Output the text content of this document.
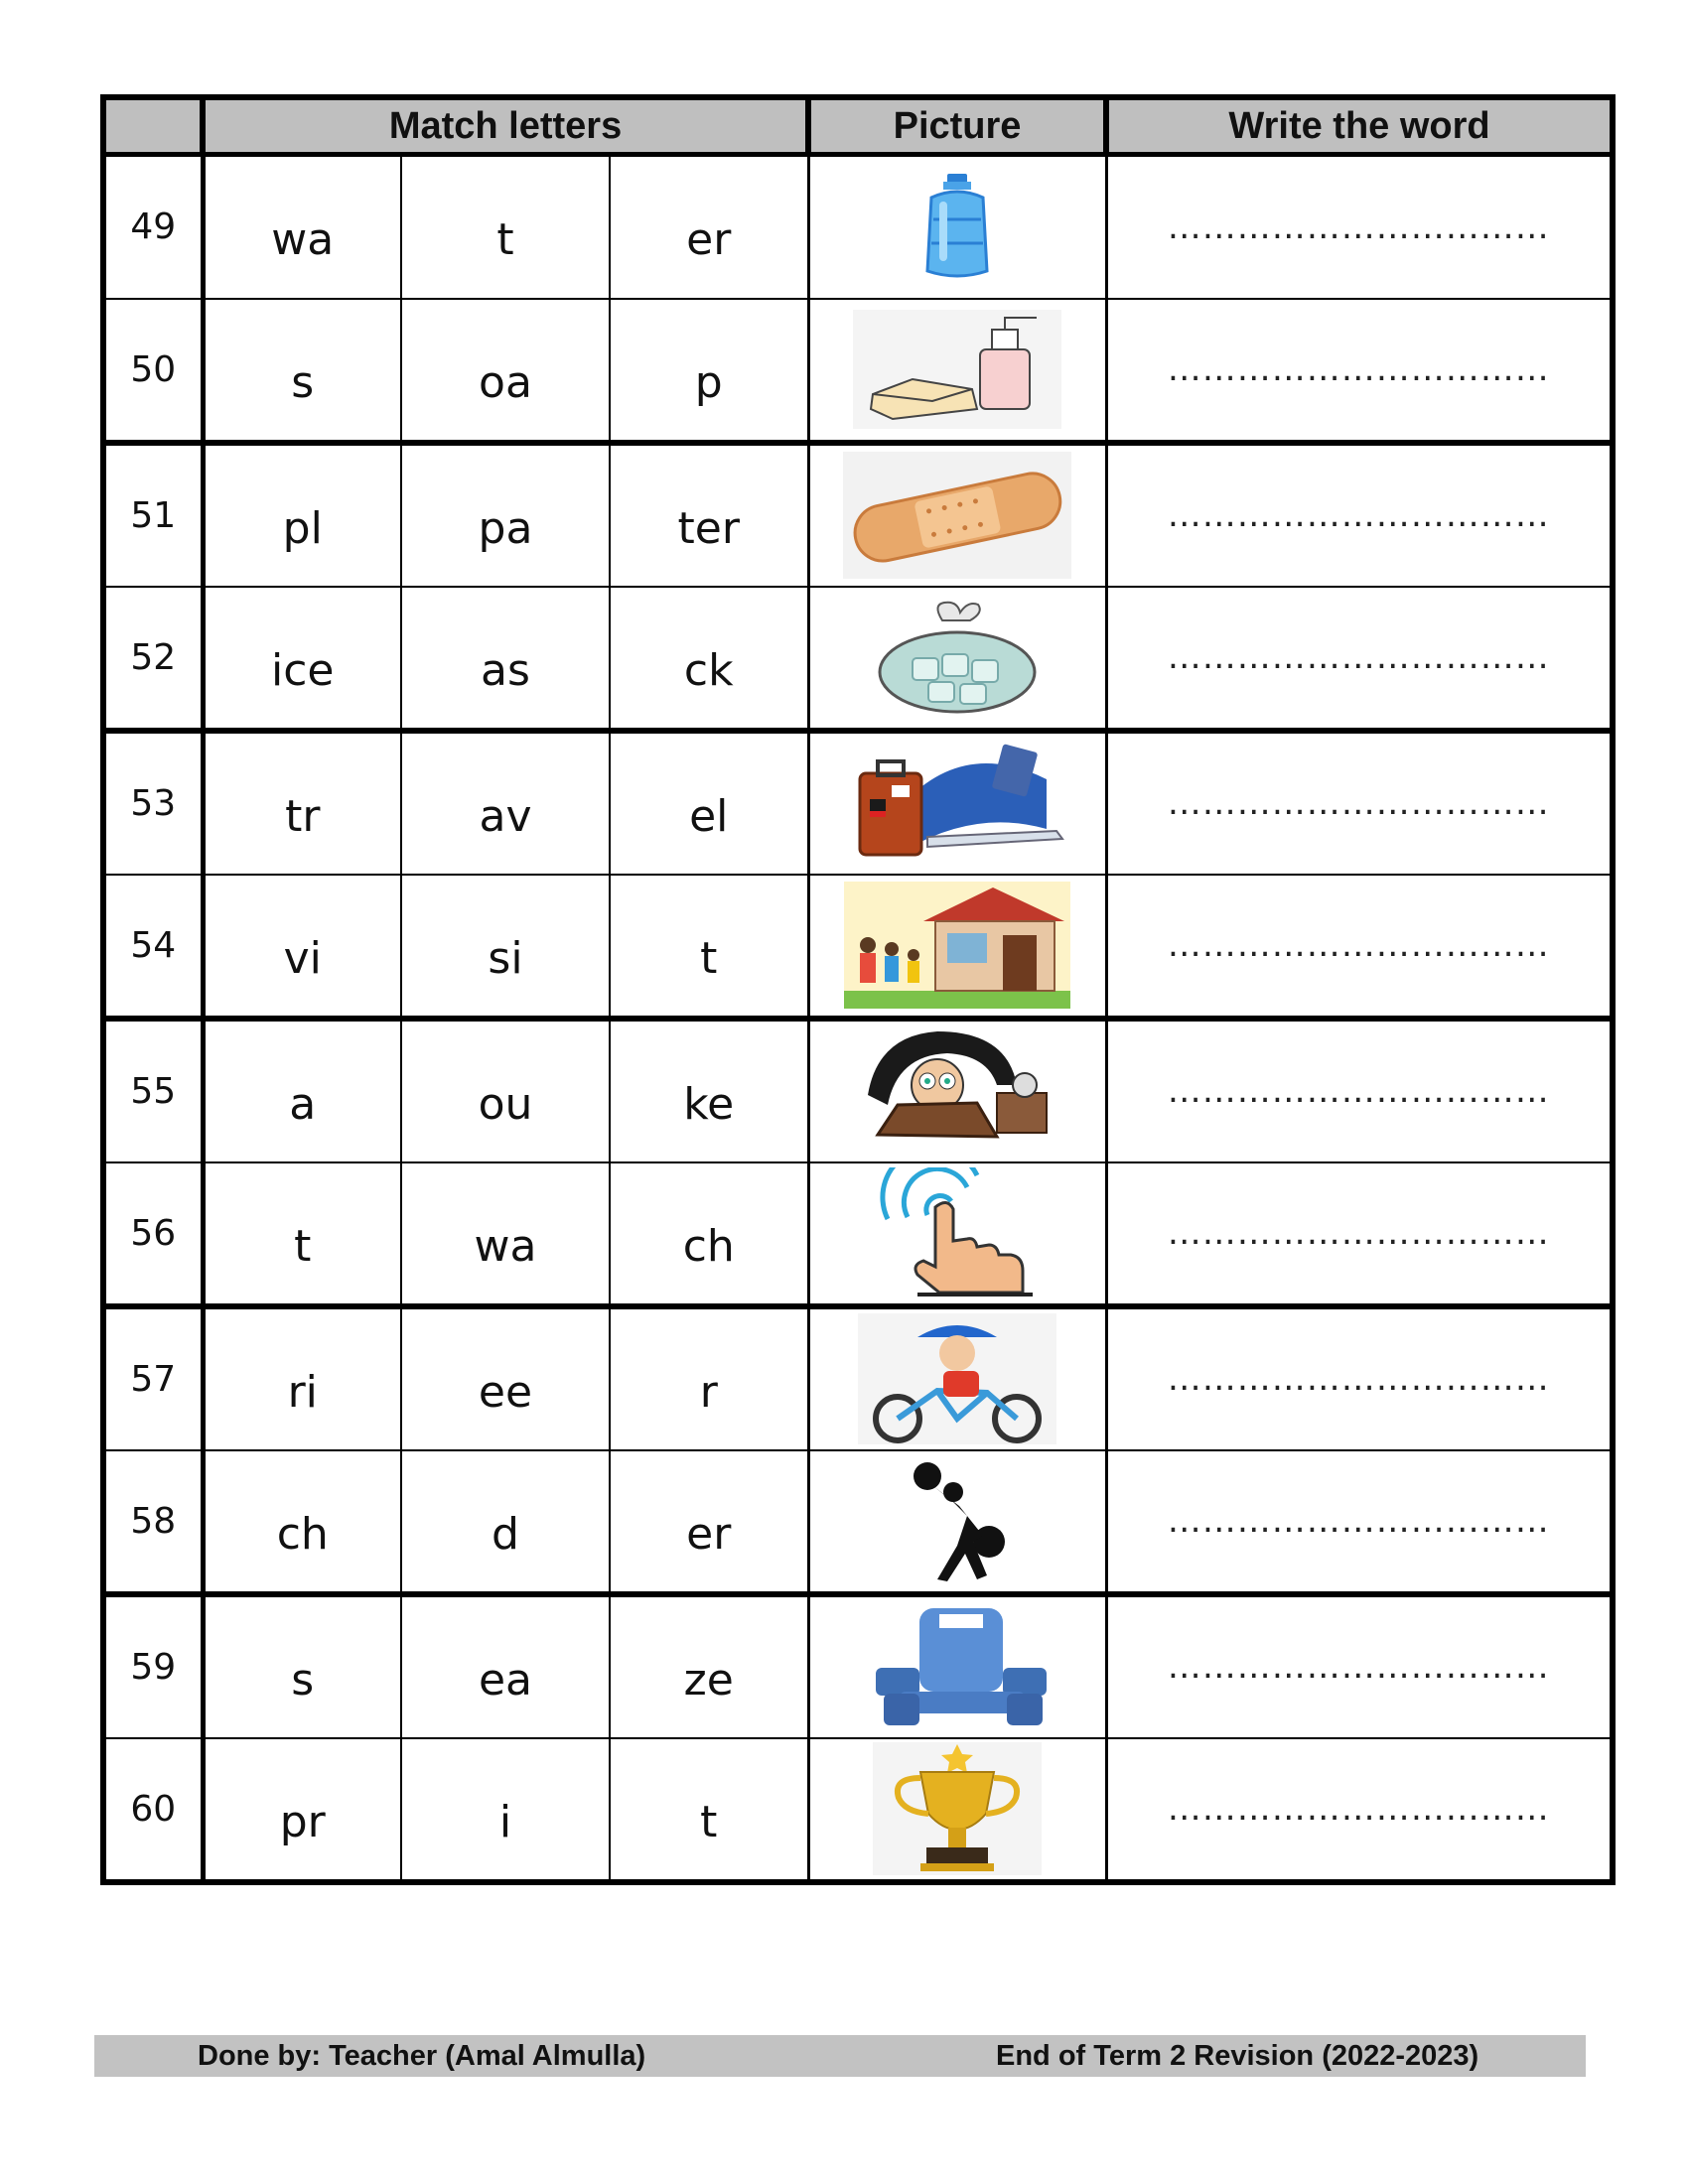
	Match letters			Picture	Write the word
49	wa	t	er		……………………………
50	s	oa	p		……………………………
51	pl	pa	ter		……………………………
52	ice	as	ck		……………………………
53	tr	av	el		……………………………
54	vi	si	t		……………………………
55	a	ou	ke		……………………………
56	t	wa	ch		……………………………
57	ri	ee	r		……………………………
58	ch	d	er		……………………………
59	s	ea	ze		……………………………
60	pr	i	t		……………………………
Done by: Teacher (Amal Almulla)	End of Term 2 Revision (2022-2023)
